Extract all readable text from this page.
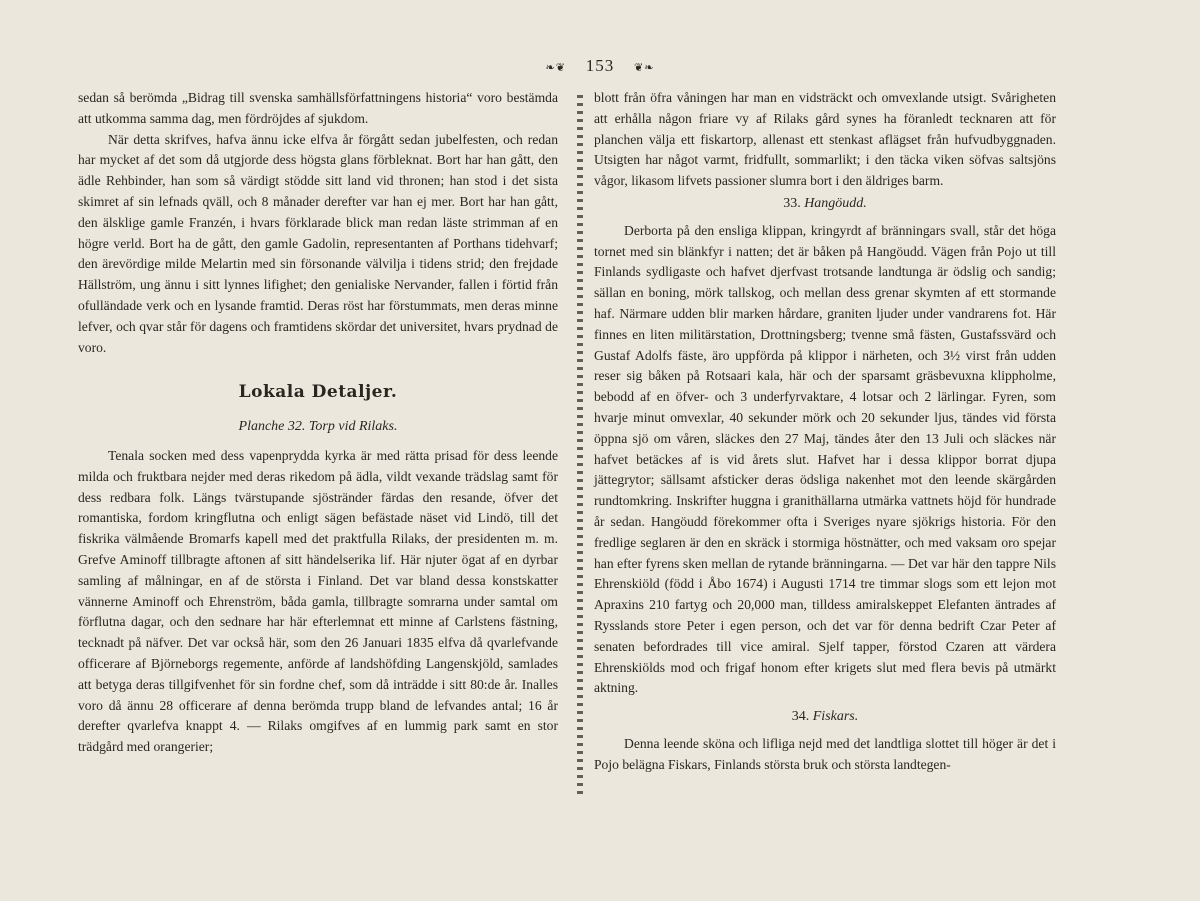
❧❦ 153 ❦❧

sedan så berömda „Bidrag till svenska samhällsförfattningens historia“ voro bestämda att utkomma samma dag, men fördröjdes af sjukdom.

När detta skrifves, hafva ännu icke elfva år förgått sedan jubelfesten, och redan har mycket af det som då utgjorde dess högsta glans förbleknat. Bort har han gått, den ädle Rehbinder, han som så värdigt stödde sitt land vid thronen; han stod i det sista skimret af sin lefnads qväll, och 8 månader derefter var han ej mer. Bort har han gått, den älsklige gamle Franzén, i hvars förklarade blick man redan läste strimman af en högre verld. Bort ha de gått, den gamle Gadolin, representanten af Porthans tidehvarf; den ärevördige milde Melartin med sin försonande välvilja i tidens strid; den frejdade Hällström, ung ännu i sitt lynnes lifighet; den genialiske Nervander, fallen i förtid från ofulländade verk och en lysande framtid. Deras röst har förstummats, men deras minne lefver, och qvar står för dagens och framtidens skördar det universitet, hvars prydnad de voro.

Lokala Detaljer.
Planche 32. Torp vid Rilaks.

Tenala socken med dess vapenprydda kyrka är med rätta prisad för dess leende milda och fruktbara nejder med deras rikedom på ädla, vildt vexande trädslag samt för dess redbara folk. Längs tvärstupande sjöstränder färdas den resande, öfver det romantiska, fordom kringflutna och enligt sägen befästade näset vid Lindö, till det fiskrika välmående Bromarfs kapell med det praktfulla Rilaks, der presidenten m. m. Grefve Aminoff tillbragte aftonen af sitt händelserika lif. Här njuter ögat af en dyrbar samling af målningar, en af de största i Finland. Det var bland dessa konstskatter vännerne Aminoff och Ehrenström, båda gamla, tillbragte somrarna under samtal om förflutna dagar, och den sednare har här efterlemnat ett minne af Carlstens fästning, tecknadt på näfver. Det var också här, som den 26 Januari 1835 elfva då qvarlefvande officerare af Björneborgs regemente, anförde af landshöfding Langenskjöld, samlades att betyga deras tillgifvenhet för sin fordne chef, som då inträdde i sitt 80:de år. Inalles voro då ännu 28 officerare af denna berömda trupp bland de lefvandes antal; 16 år derefter qvarlefva knappt 4. — Rilaks omgifves af en lummig park samt en stor trädgård med orangerier;

blott från öfra våningen har man en vidsträckt och omvexlande utsigt. Svårigheten att erhålla någon friare vy af Rilaks gård synes ha föranledt tecknaren att för planchen välja ett fiskartorp, allenast ett stenkast aflägset från hufvudbyggnaden. Utsigten har något varmt, fridfullt, sommarlikt; i den täcka viken söfvas saltsjöns vågor, likasom lifvets passioner slumra bort i den äldriges barm.

33. Hangöudd.

Derborta på den ensliga klippan, kringyrdt af bränningars svall, står det höga tornet med sin blänkfyr i natten; det är båken på Hangöudd. Vägen från Pojo ut till Finlands sydligaste och hafvet djerfvast trotsande landtunga är ödslig och sandig; sällan en boning, mörk tallskog, och mellan dess grenar skymten af ett stormande haf. Närmare udden blir marken hårdare, graniten ljuder under vandrarens fot. Här finnes en liten militärstation, Drottningsberg; tvenne små fästen, Gustafssvärd och Gustaf Adolfs fäste, äro uppförda på klippor i närheten, och 3½ virst från udden reser sig båken på Rotsaari kala, här och der sparsamt gräsbevuxna klippholme, bebodd af en öfver- och 3 underfyrvaktare, 4 lotsar och 2 lärlingar. Fyren, som hvarje minut omvexlar, 40 sekunder mörk och 20 sekunder ljus, tändes vid första öppna sjö om våren, släckes den 27 Maj, tändes åter den 13 Juli och släckes när hafvet betäckes af is vid årets slut. Hafvet har i dessa klippor borrat djupa jättegrytor; sällsamt afsticker deras ödsliga nakenhet mot den leende skärgården rundtomkring. Inskrifter huggna i granithällarna utmärka vattnets höjd för hundrade år sedan. Hangöudd förekommer ofta i Sveriges nyare sjökrigs historia. För den fredlige seglaren är den en skräck i stormiga höstnätter, och med vaksam oro spejar han efter fyrens sken mellan de rytande bränningarna. — Det var här den tappre Nils Ehrenskiöld (född i Åbo 1674) i Augusti 1714 tre timmar slogs som ett lejon mot Apraxins 210 fartyg och 20,000 man, tilldess amiralskeppet Elefanten äntrades af Rysslands store Peter i egen person, och det var för denna bedrift Czar Peter af senaten befordrades till vice amiral. Sjelf tapper, förstod Czaren att värdera Ehrenskiölds mod och frigaf honom efter krigets slut med flera bevis på utmärkt aktning.

34. Fiskars.

Denna leende sköna och lifliga nejd med det landtliga slottet till höger är det i Pojo belägna Fiskars, Finlands största bruk och största landtegen-
